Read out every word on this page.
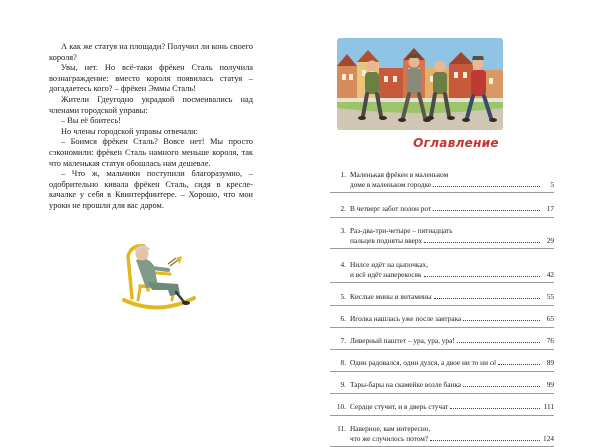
А как же статуя на площади? Получил ли конь своего короля?

Увы, нет. Но всё-таки фрёкен Сталь получила вознаграждение: вместо короля появилась статуя – догадаетесь кого? – фрёкен Эммы Сталь!

Жители Гдеугодно украдкой посмеивались над членами городской управы:

– Вы её боитесь!

Но члены городской управы отвечали:

– Боимся фрёкен Сталь? Вовсе нет! Мы просто сэкономили: фрёкен Сталь намного меньше короля, так что маленькая статуя обошлась нам дешевле.

– Что ж, мальчики поступили благоразумно, – одобрительно кивала фрёкен Сталь, сидя в кресле-качалке у себя в Квинтерфинтере. – Хорошо, что мои уроки не прошли для вас даром.

Оглавление
1. Маленькая фрёкен в маленьком
доме в маленьком городке	5
2. В четверг забот полон рот	17
3. Раз-два-три-четыре – пятнадцать
пальцев подняты вверх	29
4. Нилсе идёт на цыпочках,
и всё идёт наперекосяк	42
5. Кислые мины и витамины	55
6. Иголка нашлась уже после завтрака	65
7. Ливерный паштет – ура, ура, ура!	76
8. Один радовался, один дулся, а двое ни то ни сё	89
9. Тары-бары на скамейке возле банка	99
10. Сердце стучит, и в дверь стучат	111
11. Наверное, вам интересно,
что же случилось потом?	124
